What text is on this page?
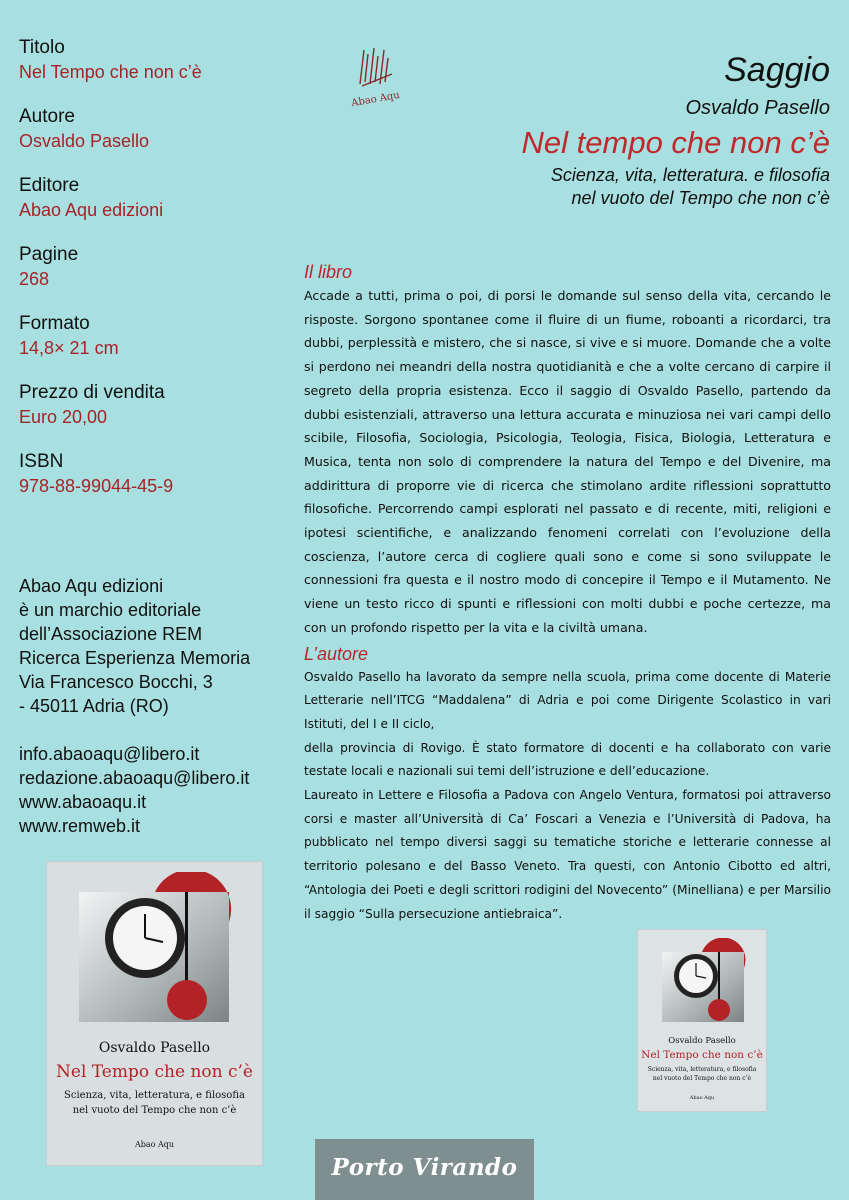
Titolo
Nel Tempo che non c’è
Autore
Osvaldo Pasello
Editore
Abao Aqu edizioni
Pagine
268
Formato
14,8× 21 cm
Prezzo di vendita
Euro 20,00
ISBN
978-88-99044-45-9
Abao Aqu edizioni
è un marchio editoriale
dell’Associazione REM
Ricerca Esperienza Memoria
Via Francesco Bocchi, 3
- 45011 Adria (RO)
info.abaoaqu@libero.it
redazione.abaoaqu@libero.it
www.abaoaqu.it
www.remweb.it
Abao Aqu
Saggio
Osvaldo Pasello
Nel tempo che non c’è
Scienza, vita, letteratura. e filosofia
nel vuoto del Tempo che non c’è
Il libro

Accade a tutti, prima o poi, di porsi le domande sul senso della vita, cercando le risposte. Sorgono spontanee come il fluire di un fiume, roboanti a ricordarci, tra dubbi, perplessità e mistero, che si nasce, si vive e si muore. Domande che a volte si perdono nei meandri della nostra quotidianità e che a volte cercano di carpire il segreto della propria esistenza. Ecco il saggio di Osvaldo Pasello, partendo da dubbi esistenziali, attraverso una lettura accurata e minuziosa nei vari campi dello scibile, Filosofia, Sociologia, Psicologia, Teologia, Fisica, Biologia, Letteratura e Musica, tenta non solo di comprendere la natura del Tempo e del Divenire, ma addirittura di proporre vie di ricerca che stimolano ardite riflessioni soprattutto filosofiche. Percorrendo campi esplorati nel passato e di recente, miti, religioni e ipotesi scientifiche, e analizzando fenomeni correlati con l’evoluzione della coscienza, l’autore cerca di cogliere quali sono e come si sono sviluppate le connessioni fra questa e il nostro modo di concepire il Tempo e il Mutamento. Ne viene un testo ricco di spunti e riflessioni con molti dubbi e poche certezze, ma con un profondo rispetto per la vita e la civiltà umana.

L’autore

Osvaldo Pasello ha lavorato da sempre nella scuola, prima come docente di Materie Letterarie nell’ITCG “Maddalena” di Adria e poi come Dirigente Scolastico in vari Istituti, del I e II ciclo,

della provincia di Rovigo. È stato formatore di docenti e ha collaborato con varie testate locali e nazionali sui temi dell’istruzione e dell’educazione.

Laureato in Lettere e Filosofia a Padova con Angelo Ventura, formatosi poi attraverso corsi e master all’Università di Ca’ Foscari a Venezia e l’Università di Padova, ha pubblicato nel tempo diversi saggi su tematiche storiche e letterarie connesse al territorio polesano e del Basso Veneto. Tra questi, con Antonio Cibotto ed altri, “Antologia dei Poeti e degli scrittori rodigini del Novecento” (Minelliana) e per Marsilio il saggio “Sulla persecuzione antiebraica”.

Osvaldo Pasello
Nel Tempo che non c’è
Scienza, vita, letteratura, e filosofia
nel vuoto del Tempo che non c’è
Abao Aqu
Osvaldo Pasello
Nel Tempo che non c’è
Scienza, vita, letteratura, e filosofia
nel vuoto del Tempo che non c’è
Abao Aqu
Porto Virando
